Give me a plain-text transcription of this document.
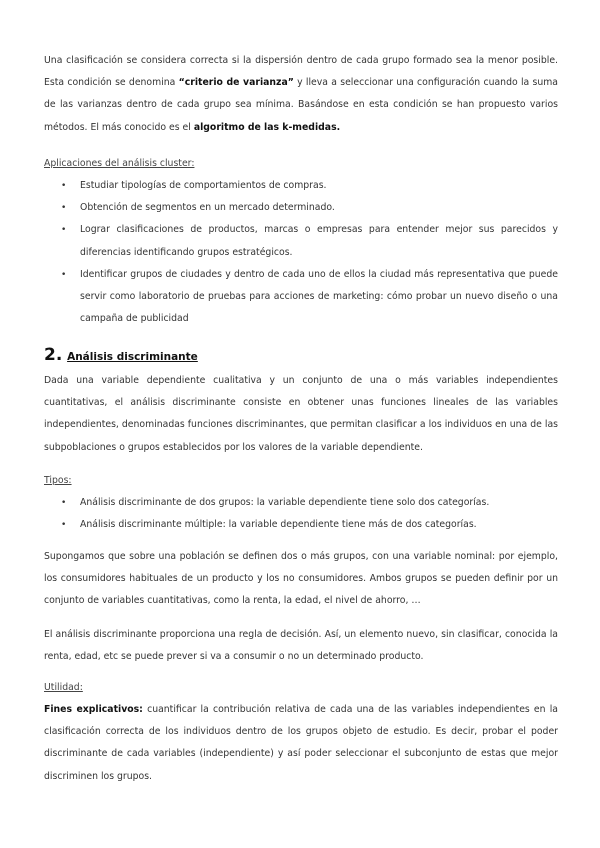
Una clasificación se considera correcta si la dispersión dentro de cada grupo formado sea la menor posible. Esta condición se denomina “criterio de varianza” y lleva a seleccionar una configuración cuando la suma de las varianzas dentro de cada grupo sea mínima. Basándose en esta condición se han propuesto varios métodos. El más conocido es el algoritmo de las k-medidas.

Aplicaciones del análisis cluster:
• Estudiar tipologías de comportamientos de compras.
• Obtención de segmentos en un mercado determinado.
• Lograr clasificaciones de productos, marcas o empresas para entender mejor sus parecidos y diferencias identificando grupos estratégicos.
• Identificar grupos de ciudades y dentro de cada uno de ellos la ciudad más representativa que puede servir como laboratorio de pruebas para acciones de marketing: cómo probar un nuevo diseño o una campaña de publicidad
2. Análisis discriminante

Dada una variable dependiente cualitativa y un conjunto de una o más variables independientes cuantitativas, el análisis discriminante consiste en obtener unas funciones lineales de las variables independientes, denominadas funciones discriminantes, que permitan clasificar a los individuos en una de las subpoblaciones o grupos establecidos por los valores de la variable dependiente.

Tipos:
• Análisis discriminante de dos grupos: la variable dependiente tiene solo dos categorías.
• Análisis discriminante múltiple: la variable dependiente tiene más de dos categorías.

Supongamos que sobre una población se definen dos o más grupos, con una variable nominal: por ejemplo, los consumidores habituales de un producto y los no consumidores. Ambos grupos se pueden definir por un conjunto de variables cuantitativas, como la renta, la edad, el nivel de ahorro, …

El análisis discriminante proporciona una regla de decisión. Así, un elemento nuevo, sin clasificar, conocida la renta, edad, etc se puede prever si va a consumir o no un determinado producto.

Utilidad:

Fines explicativos: cuantificar la contribución relativa de cada una de las variables independientes en la clasificación correcta de los individuos dentro de los grupos objeto de estudio. Es decir, probar el poder discriminante de cada variables (independiente) y así poder seleccionar el subconjunto de estas que mejor discriminen los grupos.
